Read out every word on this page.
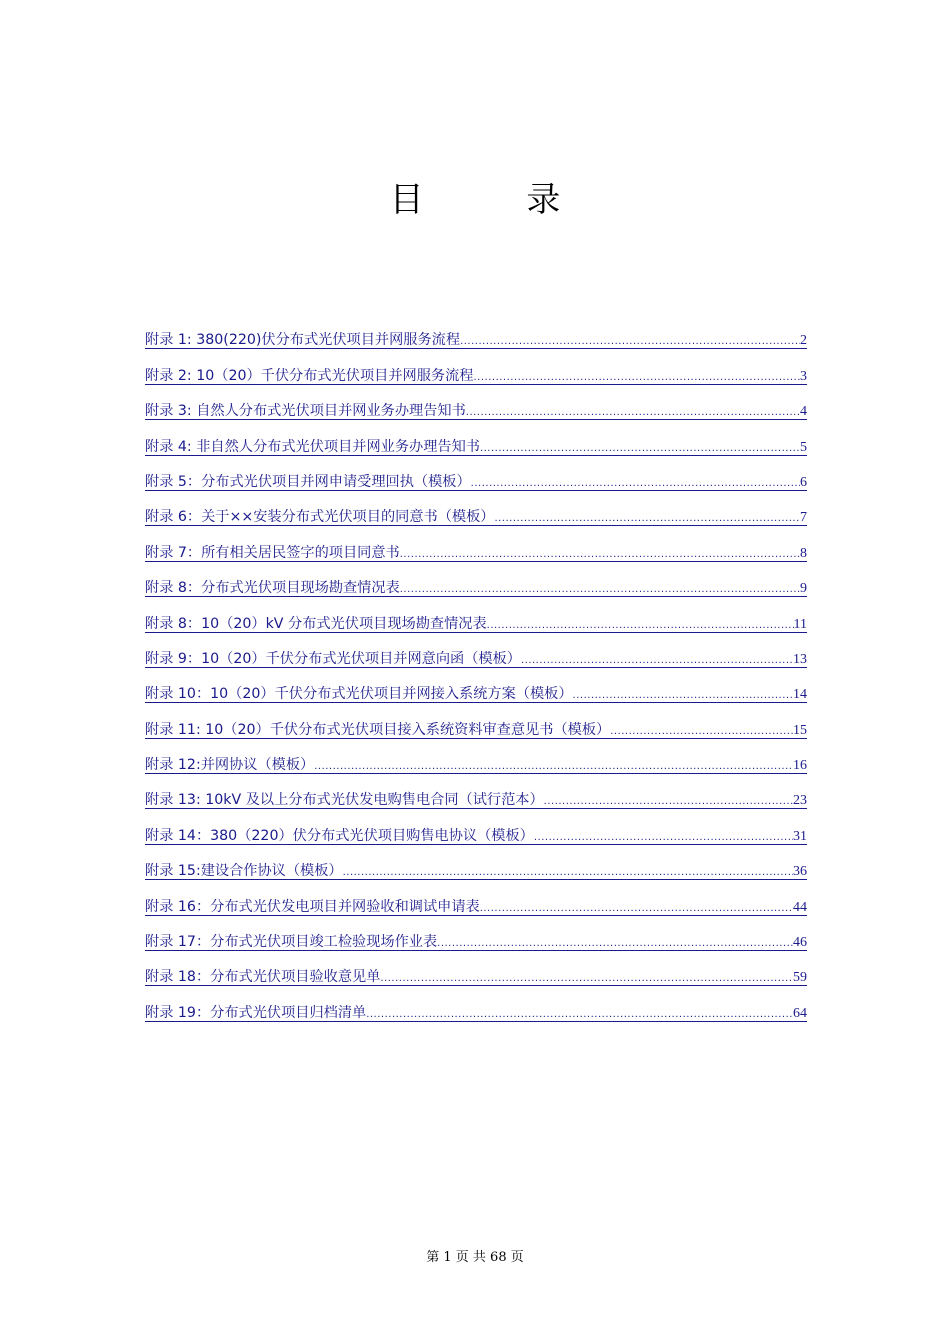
目 录
附录 1: 380(220)伏分布式光伏项目并网服务流程 .....	2
附录 2: 10（20）千伏分布式光伏项目并网服务流程 .....	3
附录 3: 自然人分布式光伏项目并网业务办理告知书 .....	4
附录 4: 非自然人分布式光伏项目并网业务办理告知书 .....	5
附录 5：分布式光伏项目并网申请受理回执（模板） .....	6
附录 6：关于××安装分布式光伏项目的同意书（模板） .....	7
附录 7：所有相关居民签字的项目同意书 .....	8
附录 8：分布式光伏项目现场勘查情况表 .....	9
附录 8：10（20）kV 分布式光伏项目现场勘查情况表 .....	11
附录 9：10（20）千伏分布式光伏项目并网意向函（模板） .....	13
附录 10：10（20）千伏分布式光伏项目并网接入系统方案（模板） .....	14
附录 11: 10（20）千伏分布式光伏项目接入系统资料审查意见书（模板） .....	15
附录 12:并网协议（模板） .....	16
附录 13: 10kV 及以上分布式光伏发电购售电合同（试行范本） .....	23
附录 14：380（220）伏分布式光伏项目购售电协议（模板） .....	31
附录 15:建设合作协议（模板） .....	36
附录 16：分布式光伏发电项目并网验收和调试申请表 .....	44
附录 17：分布式光伏项目竣工检验现场作业表 .....	46
附录 18：分布式光伏项目验收意见单 .....	59
附录 19：分布式光伏项目归档清单 .....	64
第 1 页 共 68 页
